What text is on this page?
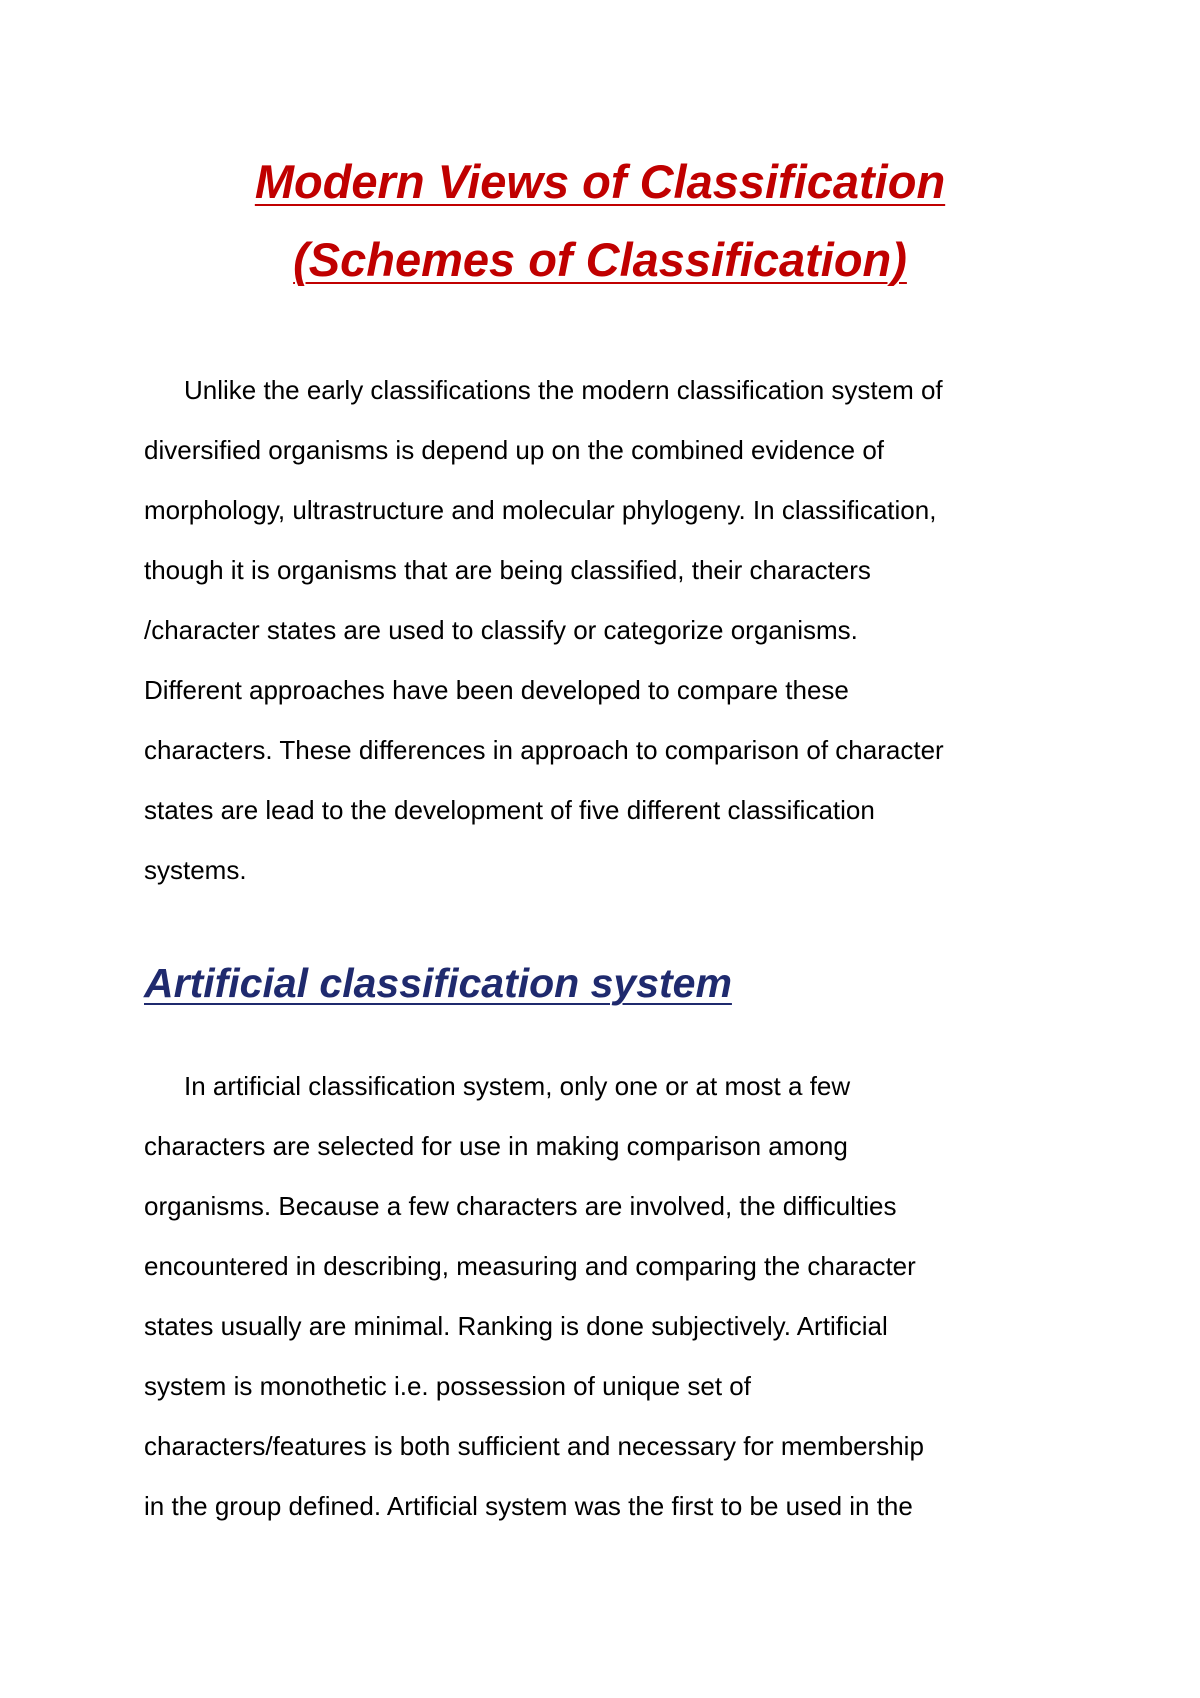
Modern Views of Classification
(Schemes of Classification)
Unlike the early classifications the modern classification system of
diversified organisms is depend up on the combined evidence of
morphology, ultrastructure and molecular phylogeny. In classification,
though it is organisms that are being classified, their characters
/character states are used to classify or categorize organisms.
Different approaches have been developed to compare these
characters. These differences in approach to comparison of character
states are lead to the development of five different classification
systems.
Artificial classification system
In artificial classification system, only one or at most a few
characters are selected for use in making comparison among
organisms. Because a few characters are involved, the difficulties
encountered in describing, measuring and comparing the character
states usually are minimal. Ranking is done subjectively. Artificial
system is monothetic i.e. possession of unique set of
characters/features is both sufficient and necessary for membership
in the group defined. Artificial system was the first to be used in the
